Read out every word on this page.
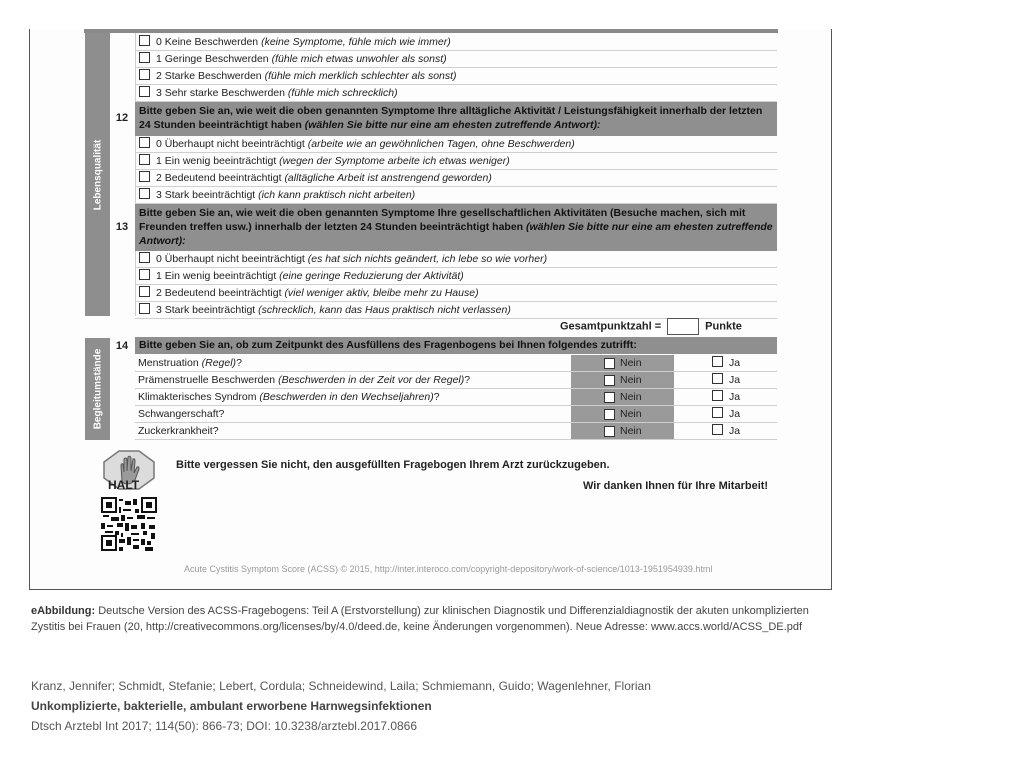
Lebensqualität
Begleitumstände
0 Keine Beschwerden (keine Symptome, fühle mich wie immer)
1 Geringe Beschwerden (fühle mich etwas unwohler als sonst)
2 Starke Beschwerden (fühle mich merklich schlechter als sonst)
3 Sehr starke Beschwerden (fühle mich schrecklich)
12
Bitte geben Sie an, wie weit die oben genannten Symptome Ihre alltägliche Aktivität / Leistungsfähigkeit innerhalb der letzten 24 Stunden beeinträchtigt haben (wählen Sie bitte nur eine am ehesten zutreffende Antwort):
0 Überhaupt nicht beeinträchtigt (arbeite wie an gewöhnlichen Tagen, ohne Beschwerden)
1 Ein wenig beeinträchtigt (wegen der Symptome arbeite ich etwas weniger)
2 Bedeutend beeinträchtigt (alltägliche Arbeit ist anstrengend geworden)
3 Stark beeinträchtigt (ich kann praktisch nicht arbeiten)
13
Bitte geben Sie an, wie weit die oben genannten Symptome Ihre gesellschaftlichen Aktivitäten (Besuche machen, sich mit Freunden treffen usw.) innerhalb der letzten 24 Stunden beeinträchtigt haben (wählen Sie bitte nur eine am ehesten zutreffende Antwort):
0 Überhaupt nicht beeinträchtigt (es hat sich nichts geändert, ich lebe so wie vorher)
1 Ein wenig beeinträchtigt (eine geringe Reduzierung der Aktivität)
2 Bedeutend beeinträchtigt (viel weniger aktiv, bleibe mehr zu Hause)
3 Stark beeinträchtigt (schrecklich, kann das Haus praktisch nicht verlassen)
Gesamtpunktzahl =	Punkte
14	Bitte geben Sie an, ob zum Zeitpunkt des Ausfüllens des Fragenbogens bei Ihnen folgendes zutrifft:
Menstruation (Regel)?	Nein	Ja
Prämenstruelle Beschwerden (Beschwerden in der Zeit vor der Regel)?	Nein	Ja
Klimakterisches Syndrom (Beschwerden in den Wechseljahren)?	Nein	Ja
Schwangerschaft?	Nein	Ja
Zuckerkrankheit?	Nein	Ja
HALT
Bitte vergessen Sie nicht, den ausgefüllten Fragebogen Ihrem Arzt zurückzugeben.
Wir danken Ihnen für Ihre Mitarbeit!
Acute Cystitis Symptom Score (ACSS) © 2015, http://inter.interoco.com/copyright-depository/work-of-science/1013-1951954939.html
eAbbildung: Deutsche Version des ACSS-Fragebogens: Teil A (Erstvorstellung) zur klinischen Diagnostik und Differenzialdiagnostik der akuten unkomplizierten Zystitis bei Frauen (20, http://creativecommons.org/licenses/by/4.0/deed.de, keine Änderungen vorgenommen). Neue Adresse: www.accs.world/ACSS_DE.pdf
Kranz, Jennifer; Schmidt, Stefanie; Lebert, Cordula; Schneidewind, Laila; Schmiemann, Guido; Wagenlehner, Florian
Unkomplizierte, bakterielle, ambulant erworbene Harnwegsinfektionen
Dtsch Arztebl Int 2017; 114(50): 866-73; DOI: 10.3238/arztebl.2017.0866
